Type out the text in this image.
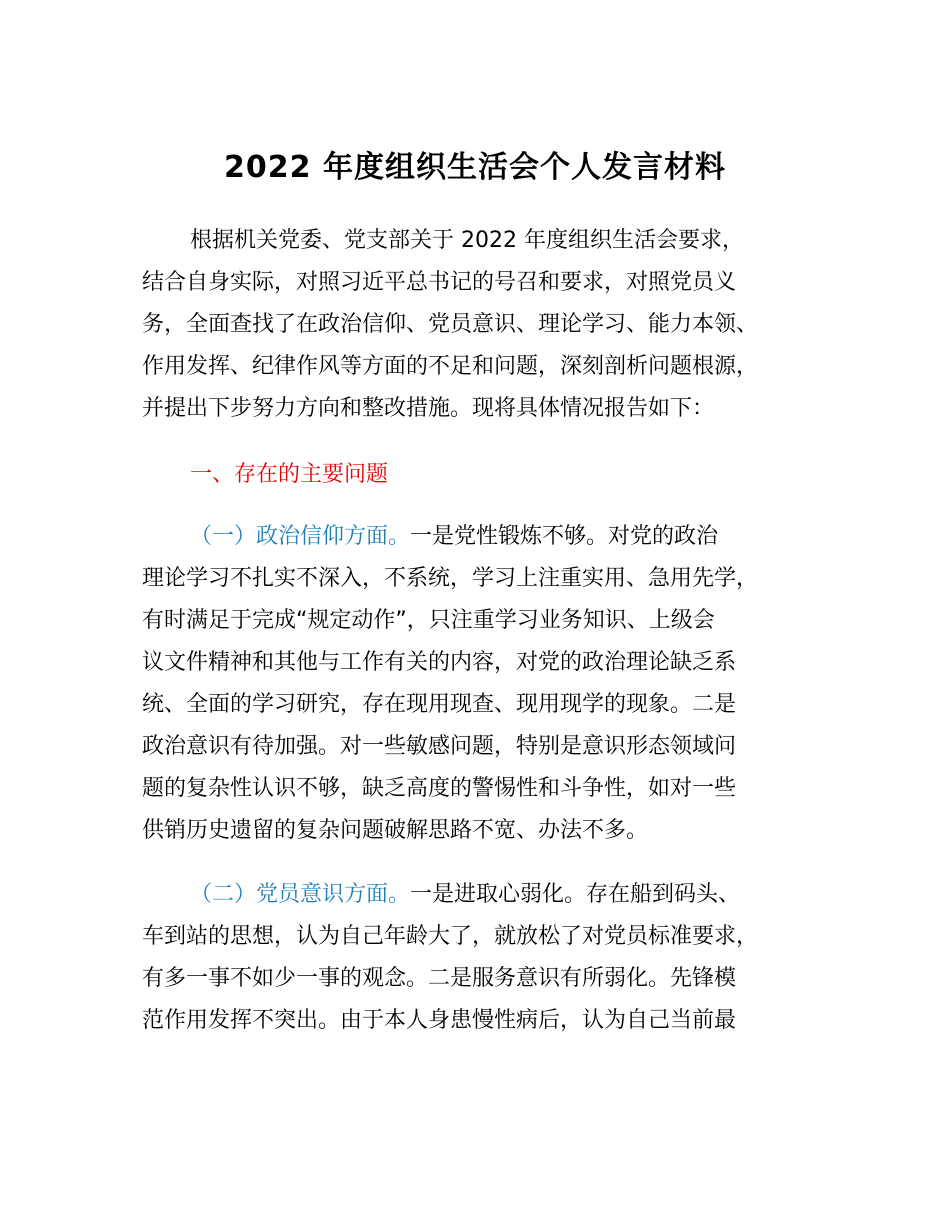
2022 年度组织生活会个人发言材料
根据机关党委、党支部关于 2022 年度组织生活会要求，
结合自身实际，对照习近平总书记的号召和要求，对照党员义
务，全面查找了在政治信仰、党员意识、理论学习、能力本领、
作用发挥、纪律作风等方面的不足和问题，深刻剖析问题根源，
并提出下步努力方向和整改措施。现将具体情况报告如下：
一、存在的主要问题
（一）政治信仰方面。一是党性锻炼不够。对党的政治
理论学习不扎实不深入，不系统，学习上注重实用、急用先学，
有时满足于完成“规定动作”，只注重学习业务知识、上级会
议文件精神和其他与工作有关的内容，对党的政治理论缺乏系
统、全面的学习研究，存在现用现查、现用现学的现象。二是
政治意识有待加强。对一些敏感问题，特别是意识形态领域问
题的复杂性认识不够，缺乏高度的警惕性和斗争性，如对一些
供销历史遗留的复杂问题破解思路不宽、办法不多。
（二）党员意识方面。一是进取心弱化。存在船到码头、
车到站的思想，认为自己年龄大了，就放松了对党员标准要求，
有多一事不如少一事的观念。二是服务意识有所弱化。先锋模
范作用发挥不突出。由于本人身患慢性病后，认为自己当前最
